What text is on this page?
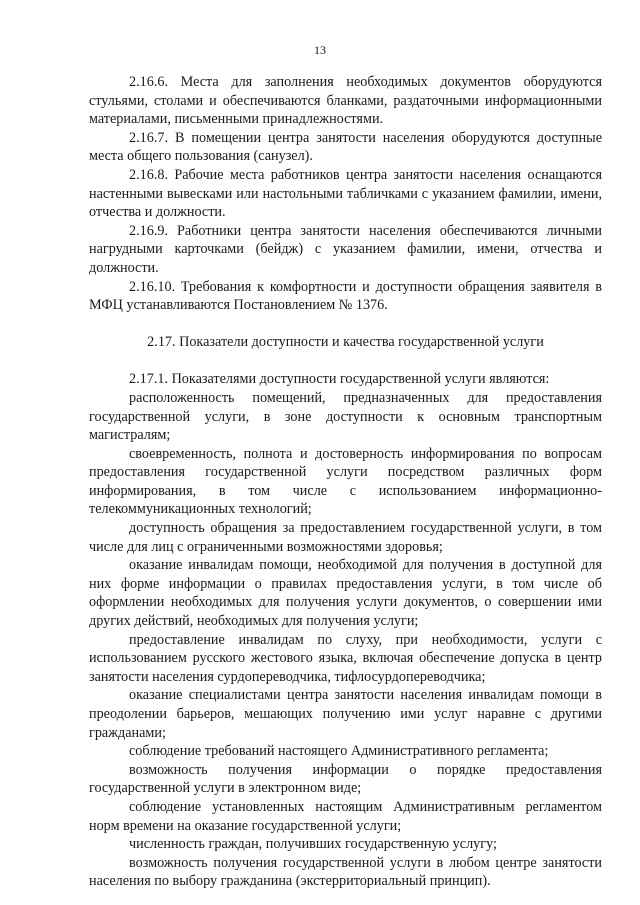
13

2.16.6. Места для заполнения необходимых документов оборудуются стульями, столами и обеспечиваются бланками, раздаточными информационными материалами, письменными принадлежностями.

2.16.7. В помещении центра занятости населения оборудуются доступные места общего пользования (санузел).

2.16.8. Рабочие места работников центра занятости населения оснащаются настенными вывесками или настольными табличками с указанием фамилии, имени, отчества и должности.

2.16.9. Работники центра занятости населения обеспечиваются личными нагрудными карточками (бейдж) с указанием фамилии, имени, отчества и должности.

2.16.10. Требования к комфортности и доступности обращения заявителя в МФЦ устанавливаются Постановлением № 1376.

2.17. Показатели доступности и качества государственной услуги

2.17.1. Показателями доступности государственной услуги являются:

расположенность помещений, предназначенных для предоставления государственной услуги, в зоне доступности к основным транспортным магистралям;

своевременность, полнота и достоверность информирования по вопросам предоставления государственной услуги посредством различных форм информирования, в том числе с использованием информационно-телекоммуникационных технологий;

доступность обращения за предоставлением государственной услуги, в том числе для лиц с ограниченными возможностями здоровья;

оказание инвалидам помощи, необходимой для получения в доступной для них форме информации о правилах предоставления услуги, в том числе об оформлении необходимых для получения услуги документов, о совершении ими других действий, необходимых для получения услуги;

предоставление инвалидам по слуху, при необходимости, услуги с использованием русского жестового языка, включая обеспечение допуска в центр занятости населения сурдопереводчика, тифлосурдопереводчика;

оказание специалистами центра занятости населения инвалидам помощи в преодолении барьеров, мешающих получению ими услуг наравне с другими гражданами;

соблюдение требований настоящего Административного регламента;

возможность получения информации о порядке предоставления государственной услуги в электронном виде;

соблюдение установленных настоящим Административным регламентом норм времени на оказание государственной услуги;

численность граждан, получивших государственную услугу;

возможность получения государственной услуги в любом центре занятости населения по выбору гражданина (экстерриториальный принцип).
